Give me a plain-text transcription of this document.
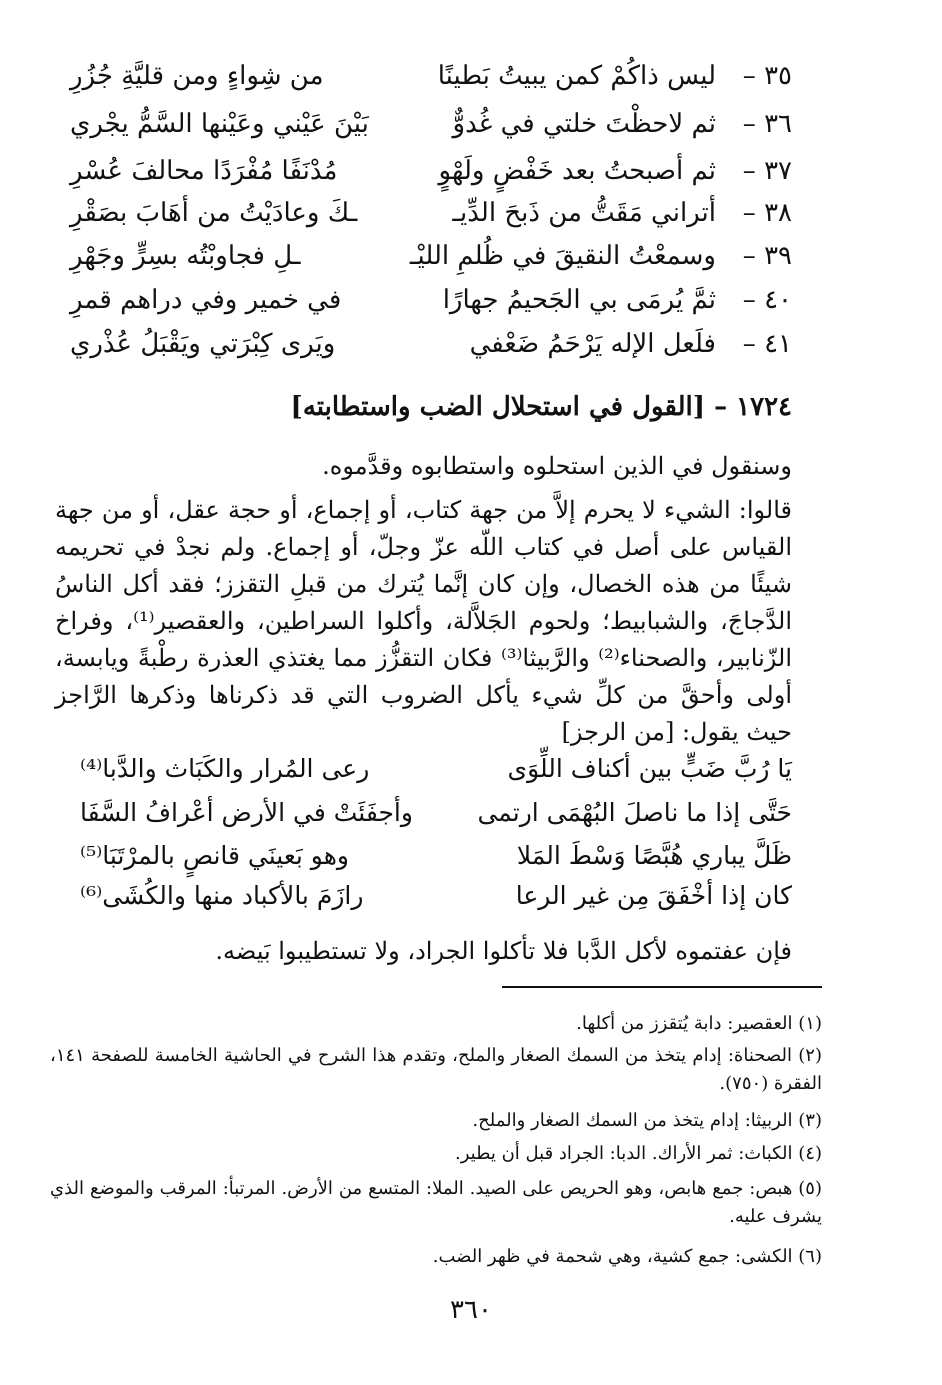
٣٥ –
ليس ذاكُمْ كمن يبيتُ بَطينًا
من شِواءٍ ومن قليَّةِ جُزُرِ
٣٦ –
ثم لاحظْتَ خلتي في غُدوٌّ
بَيْنَ عَيْني وعَيْنها السَّمُّ يجْري
٣٧ –
ثم أصبحتُ بعد خَفْضٍ ولَهْوٍ
مُدْنَفًا مُفْرَدًا محالفَ عُسْرِ
٣٨ –
أتراني مَقَتُّ من ذَبحَ الدِّيـ
ـكَ وعادَيْتُ من أهَابَ بصَقْرِ
٣٩ –
وسمعْتُ النقيقَ في ظُلمِ الليْـ
ـلِ فجاوبْتُه بسِرٍّ وجَهْرِ
٤٠ –
ثمَّ يُرمَى بي الجَحيمُ جهارًا
في خمير وفي دراهم قمرِ
٤١ –
فلَعل الإله يَرْحَمُ ضَعْفي
ويَرى كِبْرَتي ويَقْبَلُ عُذْري
١٧٢٤ – [القول في استحلال الضب واستطابته]
وسنقول في الذين استحلوه واستطابوه وقدَّموه.
قالوا: الشيء لا يحرم إلاَّ من جهة كتاب، أو إجماع، أو حجة عقل، أو من جهة القياس على أصل في كتاب اللّه عزّ وجلّ، أو إجماع. ولم نجدْ في تحريمه شيئًا من هذه الخصال، وإن كان إنَّما يُترك من قبلِ التقزز؛ فقد أكل الناسُ الدَّجاجَ، والشبابيط؛ ولحوم الجَلاَّلة، وأكلوا السراطين، والعقصير⁽¹⁾، وفراخ الزّنابير، والصحناء⁽²⁾ والرَّبيثا⁽³⁾ فكان التقزُّز مما يغتذي العذرة رطْبةً ويابسة، أولى وأحقَّ من كلِّ شيء يأكل الضروب التي قد ذكرناها وذكرها الرَّاجز حيث يقول: [من الرجز]
يَا رُبَّ ضَبٍّ بين أكناف اللِّوَى
رعى المُرار والكَبَاث والدَّبا⁽⁴⁾
حَتَّى إذا ما ناصلَ البُهْمَى ارتمى
وأجفَئَتْ في الأرض أعْرافُ السَّفَا
ظَلَّ يباري هُبَّصًا وَسْطَ المَلا
وهو بَعينَي قانصٍ بالمرْتَبَا⁽⁵⁾
كان إذا أخْفَقَ مِن غير الرعا
رازَمَ بالأكباد منها والكُشَى⁽⁶⁾
فإن عفتموه لأكل الدَّبا فلا تأكلوا الجراد، ولا تستطيبوا بَيضه.
(١) العقصير: دابة يُتقزز من أكلها.
(٢) الصحناة: إدام يتخذ من السمك الصغار والملح، وتقدم هذا الشرح في الحاشية الخامسة للصفحة ١٤١، الفقرة (٧٥٠).
(٣) الربيثا: إدام يتخذ من السمك الصغار والملح.
(٤) الكباث: ثمر الأراك. الدبا: الجراد قبل أن يطير.
(٥) هبص: جمع هابص، وهو الحريص على الصيد. الملا: المتسع من الأرض. المرتبأ: المرقب والموضع الذي يشرف عليه.
(٦) الكشى: جمع كشية، وهي شحمة في ظهر الضب.
٣٦٠
